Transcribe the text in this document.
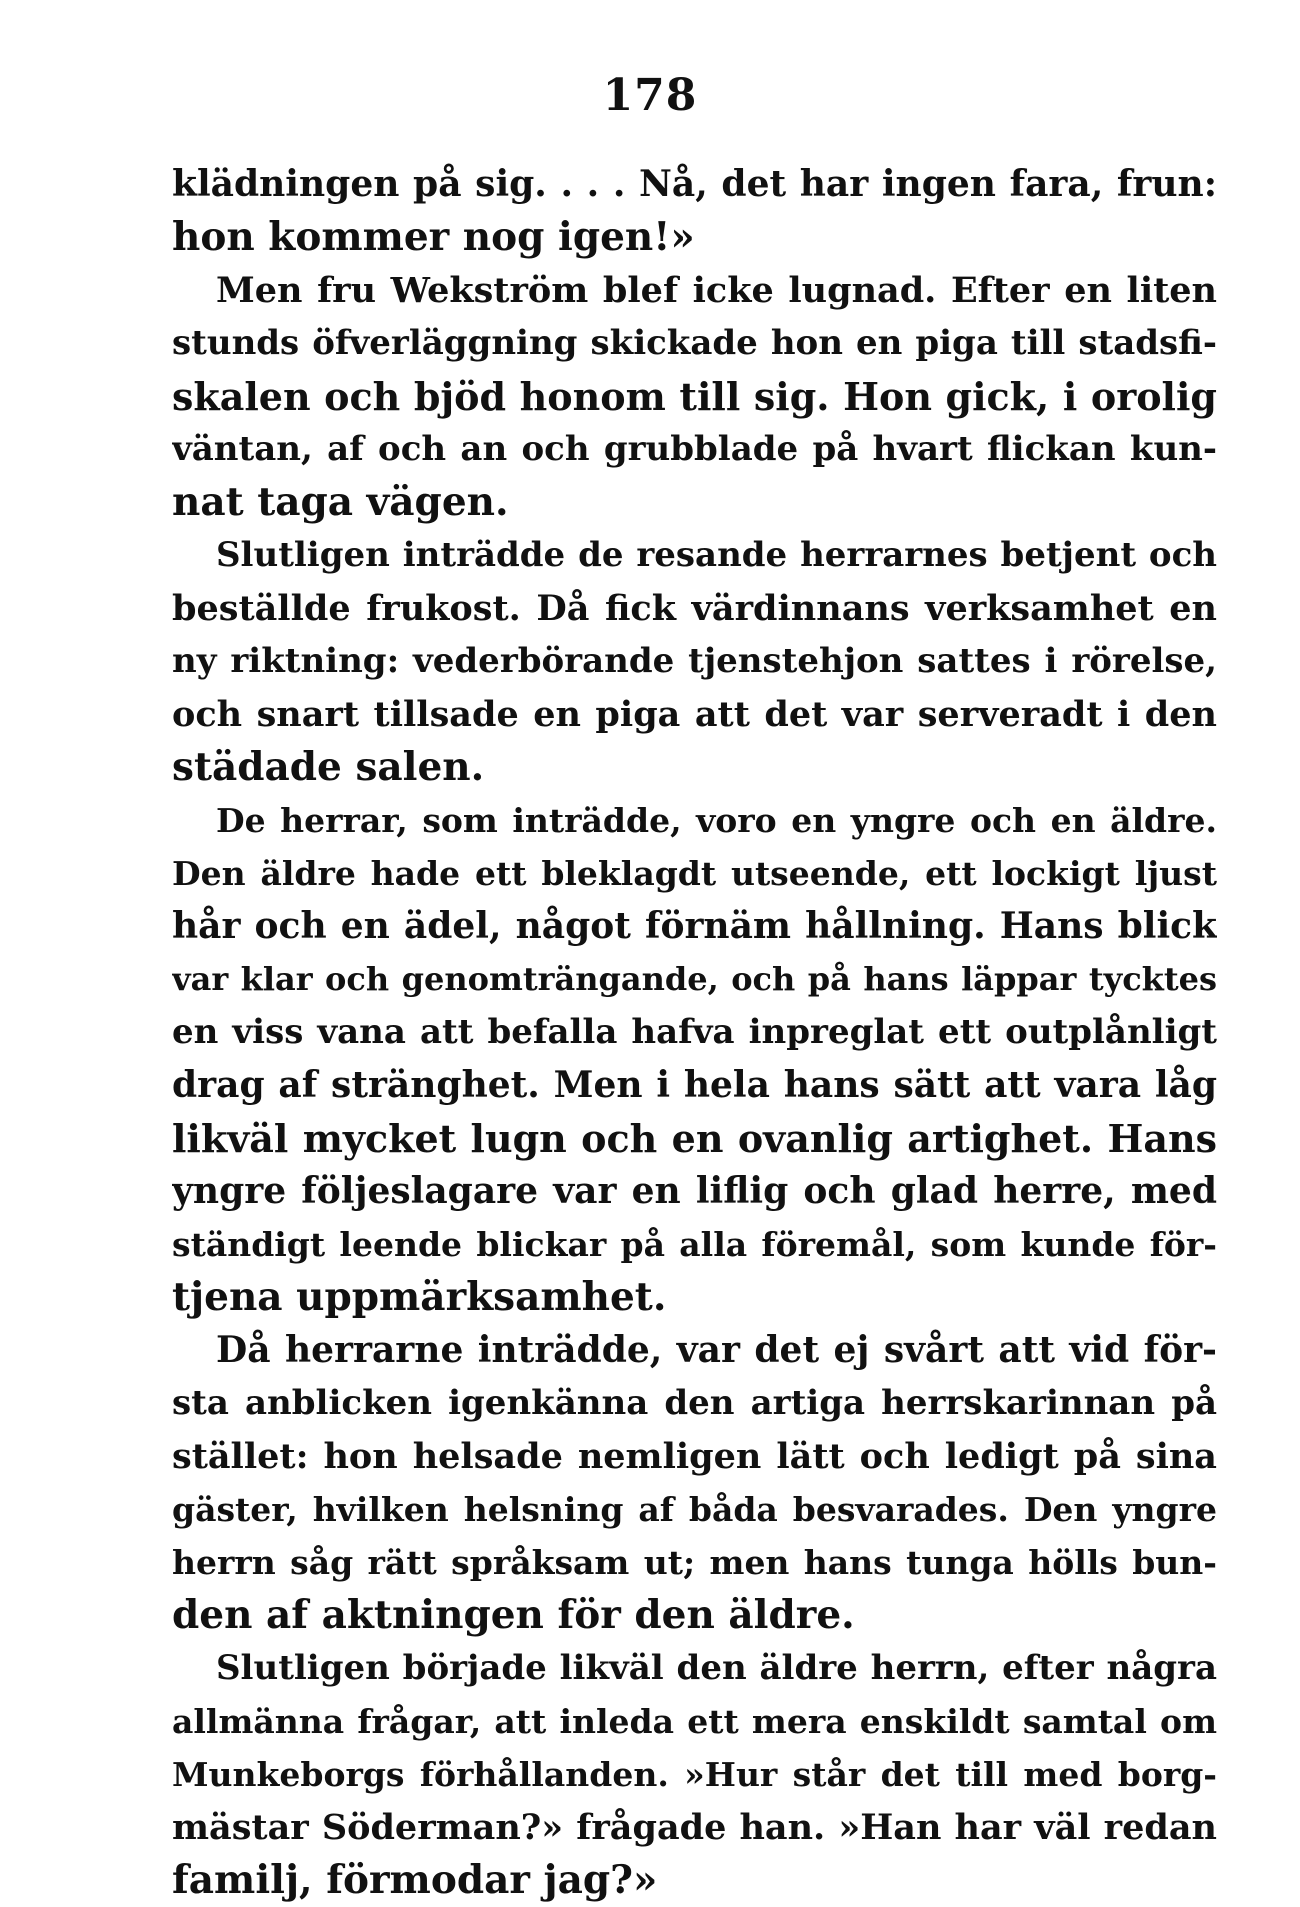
178
klädningen på sig. . . . Nå, det har ingen fara, frun:
hon kommer nog igen!»
Men fru Wekström blef icke lugnad. Efter en liten
stunds öfverläggning skickade hon en piga till stadsfi-
skalen och bjöd honom till sig. Hon gick, i orolig
väntan, af och an och grubblade på hvart flickan kun-
nat taga vägen.
Slutligen inträdde de resande herrarnes betjent och
beställde frukost. Då fick värdinnans verksamhet en
ny riktning: vederbörande tjenstehjon sattes i rörelse,
och snart tillsade en piga att det var serveradt i den
städade salen.
De herrar, som inträdde, voro en yngre och en äldre.
Den äldre hade ett bleklagdt utseende, ett lockigt ljust
hår och en ädel, något förnäm hållning. Hans blick
var klar och genomträngande, och på hans läppar tycktes
en viss vana att befalla hafva inpreglat ett outplånligt
drag af stränghet. Men i hela hans sätt att vara låg
likväl mycket lugn och en ovanlig artighet. Hans
yngre följeslagare var en liflig och glad herre, med
ständigt leende blickar på alla föremål, som kunde för-
tjena uppmärksamhet.
Då herrarne inträdde, var det ej svårt att vid för-
sta anblicken igenkänna den artiga herrskarinnan på
stället: hon helsade nemligen lätt och ledigt på sina
gäster, hvilken helsning af båda besvarades. Den yngre
herrn såg rätt språksam ut; men hans tunga hölls bun-
den af aktningen för den äldre.
Slutligen började likväl den äldre herrn, efter några
allmänna frågar, att inleda ett mera enskildt samtal om
Munkeborgs förhållanden. »Hur står det till med borg-
mästar Söderman?» frågade han. »Han har väl redan
familj, förmodar jag?»
